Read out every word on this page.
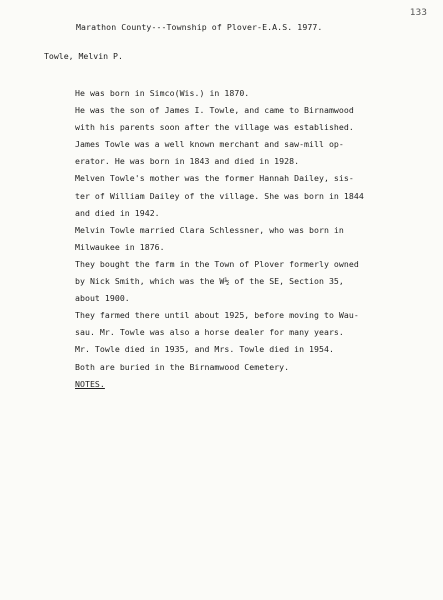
133
Marathon County---Township of Plover-E.A.S. 1977.
Towle, Melvin P.
He was born in Simco(Wis.) in 1870.
He was the son of James I. Towle, and came to Birnamwood
with his parents soon after the village was established.
James Towle was a well known merchant and saw-mill op-
erator. He was born in 1843 and died in 1928.
Melven Towle's mother was the former Hannah Dailey, sis-
ter of William Dailey of the village. She was born in 1844
and died in 1942.
Melvin Towle married Clara Schlessner, who was born in
Milwaukee in 1876.
They bought the farm in the Town of Plover formerly owned
by Nick Smith, which was the W½ of the SE, Section 35,
about 1900.
They farmed there until about 1925, before moving to Wau-
sau. Mr. Towle was also a horse dealer for many years.
Mr. Towle died in 1935, and Mrs. Towle died in 1954.
Both are buried in the Birnamwood Cemetery.
NOTES.
